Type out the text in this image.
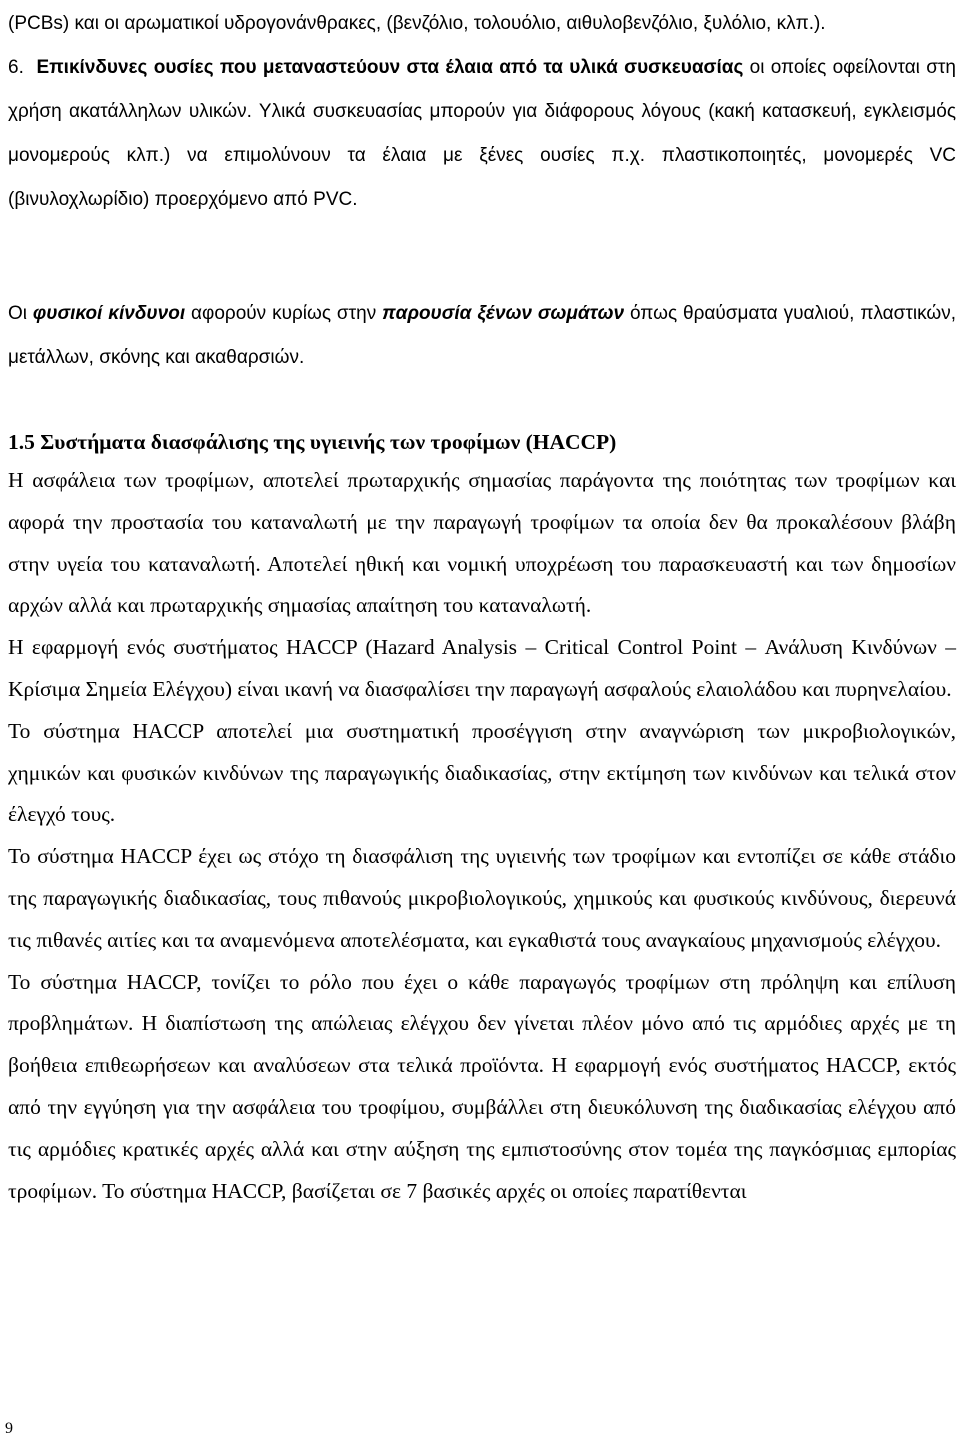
(PCBs) και οι αρωματικοί υδρογονάνθρακες, (βενζόλιο, τολουόλιο, αιθυλοβενζόλιο, ξυλόλιο, κλπ.).

6. Επικίνδυνες ουσίες που μεταναστεύουν στα έλαια από τα υλικά συσκευασίας οι οποίες οφείλονται στη χρήση ακατάλληλων υλικών. Υλικά συσκευασίας μπορούν για διάφορους λόγους (κακή κατασκευή, εγκλεισμός μονομερούς κλπ.) να επιμολύνουν τα έλαια με ξένες ουσίες π.χ. πλαστικοποιητές, μονομερές VC (βινυλοχλωρίδιο) προερχόμενο από PVC.

Οι φυσικοί κίνδυνοι αφορούν κυρίως στην παρουσία ξένων σωμάτων όπως θραύσματα γυαλιού, πλαστικών, μετάλλων, σκόνης και ακαθαρσιών.

1.5 Συστήματα διασφάλισης της υγιεινής των τροφίμων (HACCP)

Η ασφάλεια των τροφίμων, αποτελεί πρωταρχικής σημασίας παράγοντα της ποιότητας των τροφίμων και αφορά την προστασία του καταναλωτή με την παραγωγή τροφίμων τα οποία δεν θα προκαλέσουν βλάβη στην υγεία του καταναλωτή. Αποτελεί ηθική και νομική υποχρέωση του παρασκευαστή και των δημοσίων αρχών αλλά και πρωταρχικής σημασίας απαίτηση του καταναλωτή.

Η εφαρμογή ενός συστήματος HACCP (Hazard Analysis – Critical Control Point – Ανάλυση Κινδύνων – Κρίσιμα Σημεία Ελέγχου) είναι ικανή να διασφαλίσει την παραγωγή ασφαλούς ελαιολάδου και πυρηνελαίου.

Το σύστημα HACCP αποτελεί μια συστηματική προσέγγιση στην αναγνώριση των μικροβιολογικών, χημικών και φυσικών κινδύνων της παραγωγικής διαδικασίας, στην εκτίμηση των κινδύνων και τελικά στον έλεγχό τους.

Το σύστημα HACCP έχει ως στόχο τη διασφάλιση της υγιεινής των τροφίμων και εντοπίζει σε κάθε στάδιο της παραγωγικής διαδικασίας, τους πιθανούς μικροβιολογικούς, χημικούς και φυσικούς κινδύνους, διερευνά τις πιθανές αιτίες και τα αναμενόμενα αποτελέσματα, και εγκαθιστά τους αναγκαίους μηχανισμούς ελέγχου.

Το σύστημα HACCP, τονίζει το ρόλο που έχει ο κάθε παραγωγός τροφίμων στη πρόληψη και επίλυση προβλημάτων. Η διαπίστωση της απώλειας ελέγχου δεν γίνεται πλέον μόνο από τις αρμόδιες αρχές με τη βοήθεια επιθεωρήσεων και αναλύσεων στα τελικά προϊόντα. Η εφαρμογή ενός συστήματος HACCP, εκτός από την εγγύηση για την ασφάλεια του τροφίμου, συμβάλλει στη διευκόλυνση της διαδικασίας ελέγχου από τις αρμόδιες κρατικές αρχές αλλά και στην αύξηση της εμπιστοσύνης στον τομέα της παγκόσμιας εμπορίας τροφίμων. Το σύστημα HACCP, βασίζεται σε 7 βασικές αρχές οι οποίες παρατίθενται

9
